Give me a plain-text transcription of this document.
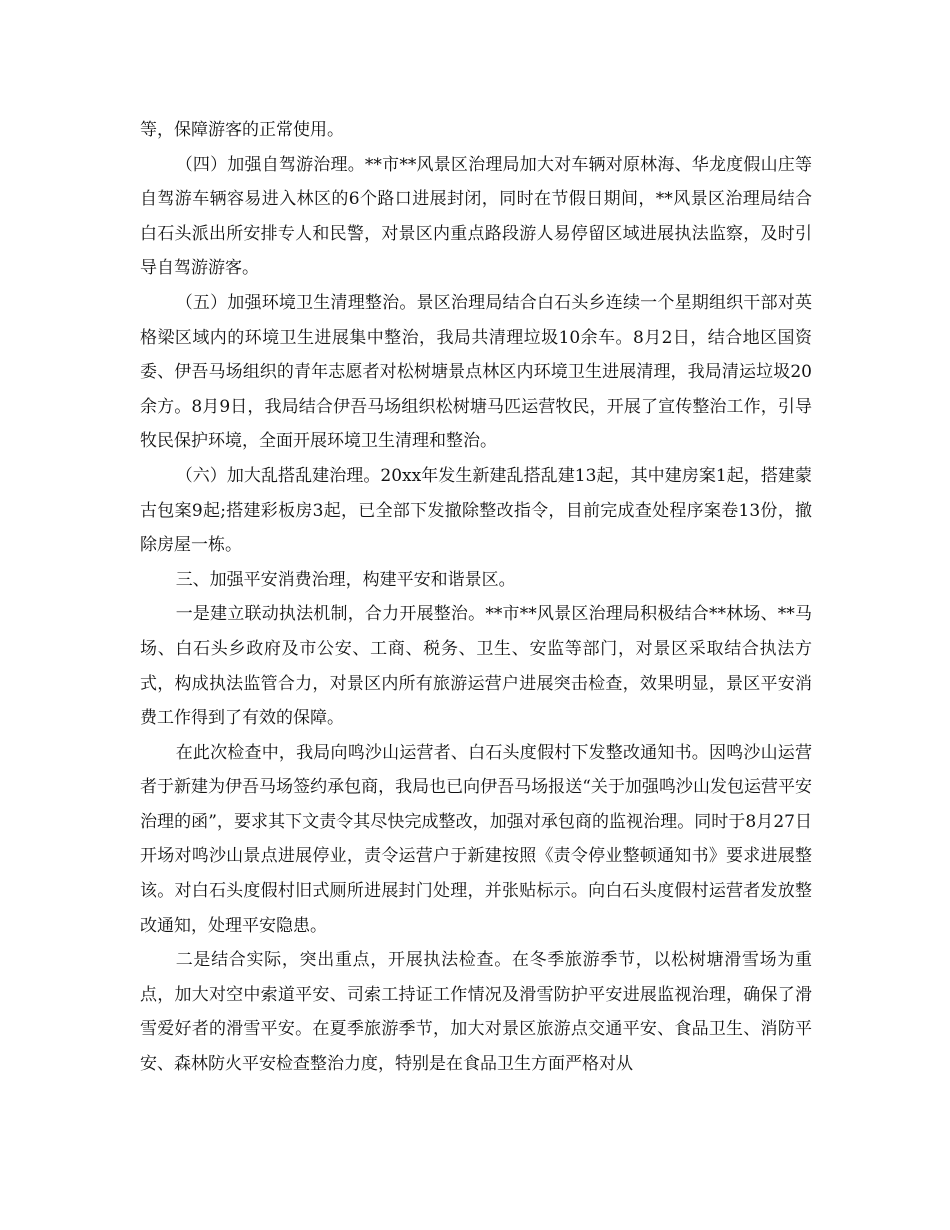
等，保障游客的正常使用。

（四）加强自驾游治理。**市**风景区治理局加大对车辆对原林海、华龙度假山庄等自驾游车辆容易进入林区的6个路口进展封闭，同时在节假日期间，**风景区治理局结合白石头派出所安排专人和民警，对景区内重点路段游人易停留区域进展执法监察，及时引导自驾游游客。

（五）加强环境卫生清理整治。景区治理局结合白石头乡连续一个星期组织干部对英格梁区域内的环境卫生进展集中整治，我局共清理垃圾10余车。8月2日，结合地区国资委、伊吾马场组织的青年志愿者对松树塘景点林区内环境卫生进展清理，我局清运垃圾20余方。8月9日，我局结合伊吾马场组织松树塘马匹运营牧民，开展了宣传整治工作，引导牧民保护环境，全面开展环境卫生清理和整治。

（六）加大乱搭乱建治理。20xx年发生新建乱搭乱建13起，其中建房案1起，搭建蒙古包案9起;搭建彩板房3起，已全部下发撤除整改指令，目前完成查处程序案卷13份，撤除房屋一栋。

三、加强平安消费治理，构建平安和谐景区。

一是建立联动执法机制，合力开展整治。**市**风景区治理局积极结合**林场、**马场、白石头乡政府及市公安、工商、税务、卫生、安监等部门，对景区采取结合执法方式，构成执法监管合力，对景区内所有旅游运营户进展突击检查，效果明显，景区平安消费工作得到了有效的保障。

在此次检查中，我局向鸣沙山运营者、白石头度假村下发整改通知书。因鸣沙山运营者于新建为伊吾马场签约承包商，我局也已向伊吾马场报送“关于加强鸣沙山发包运营平安治理的函”，要求其下文责令其尽快完成整改，加强对承包商的监视治理。同时于8月27日开场对鸣沙山景点进展停业，责令运营户于新建按照《责令停业整顿通知书》要求进展整该。对白石头度假村旧式厕所进展封门处理，并张贴标示。向白石头度假村运营者发放整改通知，处理平安隐患。

二是结合实际，突出重点，开展执法检查。在冬季旅游季节，以松树塘滑雪场为重点，加大对空中索道平安、司索工持证工作情况及滑雪防护平安进展监视治理，确保了滑雪爱好者的滑雪平安。在夏季旅游季节，加大对景区旅游点交通平安、食品卫生、消防平安、森林防火平安检查整治力度，特别是在食品卫生方面严格对从
